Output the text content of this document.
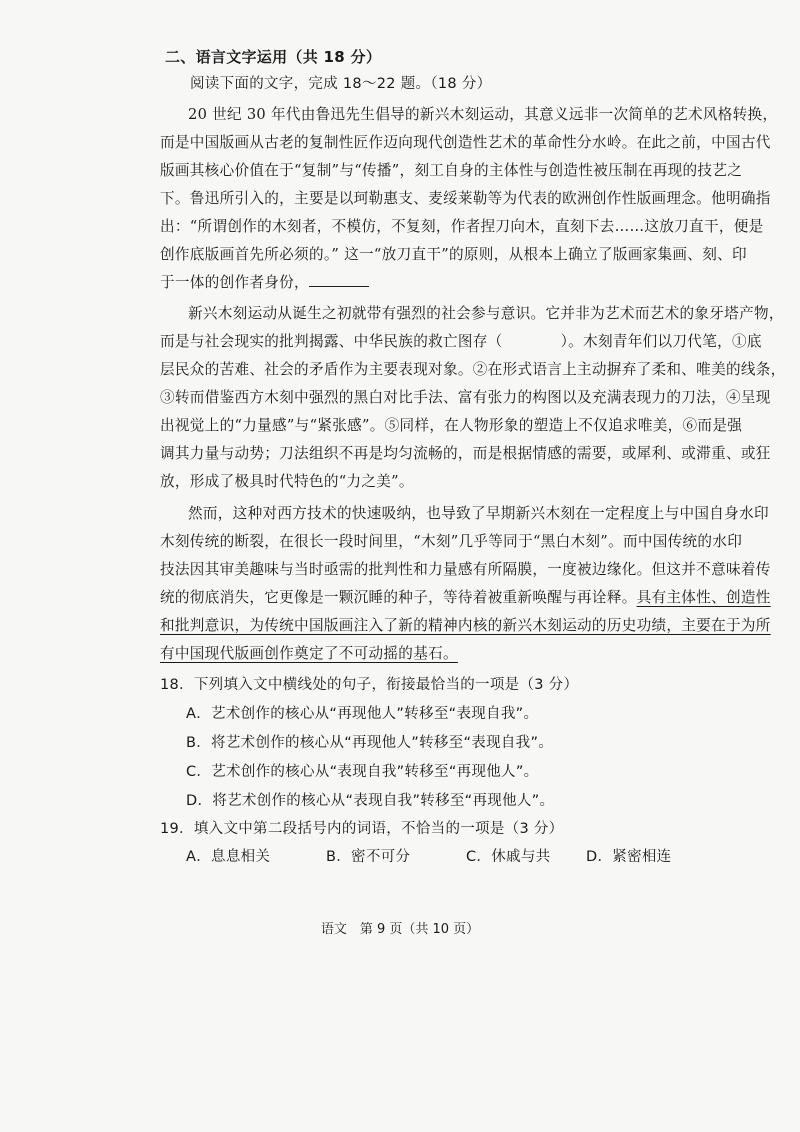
二、语言文字运用（共 18 分）
阅读下面的文字，完成 18～22 题。（18 分）
20 世纪 30 年代由鲁迅先生倡导的新兴木刻运动，其意义远非一次简单的艺术风格转换，
而是中国版画从古老的复制性匠作迈向现代创造性艺术的革命性分水岭。在此之前，中国古代
版画其核心价值在于“复制”与“传播”，刻工自身的主体性与创造性被压制在再现的技艺之
下。鲁迅所引入的，主要是以珂勒惠支、麦绥莱勒等为代表的欧洲创作性版画理念。他明确指
出：“所谓创作的木刻者，不模仿，不复刻，作者捏刀向木，直刻下去……这放刀直干，便是
创作底版画首先所必须的。” 这一“放刀直干”的原则，从根本上确立了版画家集画、刻、印
于一体的创作者身份，
新兴木刻运动从诞生之初就带有强烈的社会参与意识。它并非为艺术而艺术的象牙塔产物，
而是与社会现实的批判揭露、中华民族的救亡图存（	）。木刻青年们以刀代笔，①底
层民众的苦难、社会的矛盾作为主要表现对象。②在形式语言上主动摒弃了柔和、唯美的线条，
③转而借鉴西方木刻中强烈的黑白对比手法、富有张力的构图以及充满表现力的刀法，④呈现
出视觉上的“力量感”与“紧张感”。⑤同样，在人物形象的塑造上不仅追求唯美，⑥而是强
调其力量与动势；刀法组织不再是均匀流畅的，而是根据情感的需要，或犀利、或滞重、或狂
放，形成了极具时代特色的“力之美”。
然而，这种对西方技术的快速吸纳，也导致了早期新兴木刻在一定程度上与中国自身水印
木刻传统的断裂，在很长一段时间里，“木刻”几乎等同于“黑白木刻”。而中国传统的水印
技法因其审美趣味与当时亟需的批判性和力量感有所隔膜，一度被边缘化。但这并不意味着传
统的彻底消失，它更像是一颗沉睡的种子，等待着被重新唤醒与再诠释。具有主体性、创造性
和批判意识，为传统中国版画注入了新的精神内核的新兴木刻运动的历史功绩，主要在于为所
有中国现代版画创作奠定了不可动摇的基石。
18．下列填入文中横线处的句子，衔接最恰当的一项是（3 分）
A．艺术创作的核心从“再现他人”转移至“表现自我”。
B．将艺术创作的核心从“再现他人”转移至“表现自我”。
C．艺术创作的核心从“表现自我”转移至“再现他人”。
D．将艺术创作的核心从“表现自我”转移至“再现他人”。
19．填入文中第二段括号内的词语，不恰当的一项是（3 分）
A．息息相关	B．密不可分	C．休戚与共 D．紧密相连
语文　第 9 页（共 10 页）
